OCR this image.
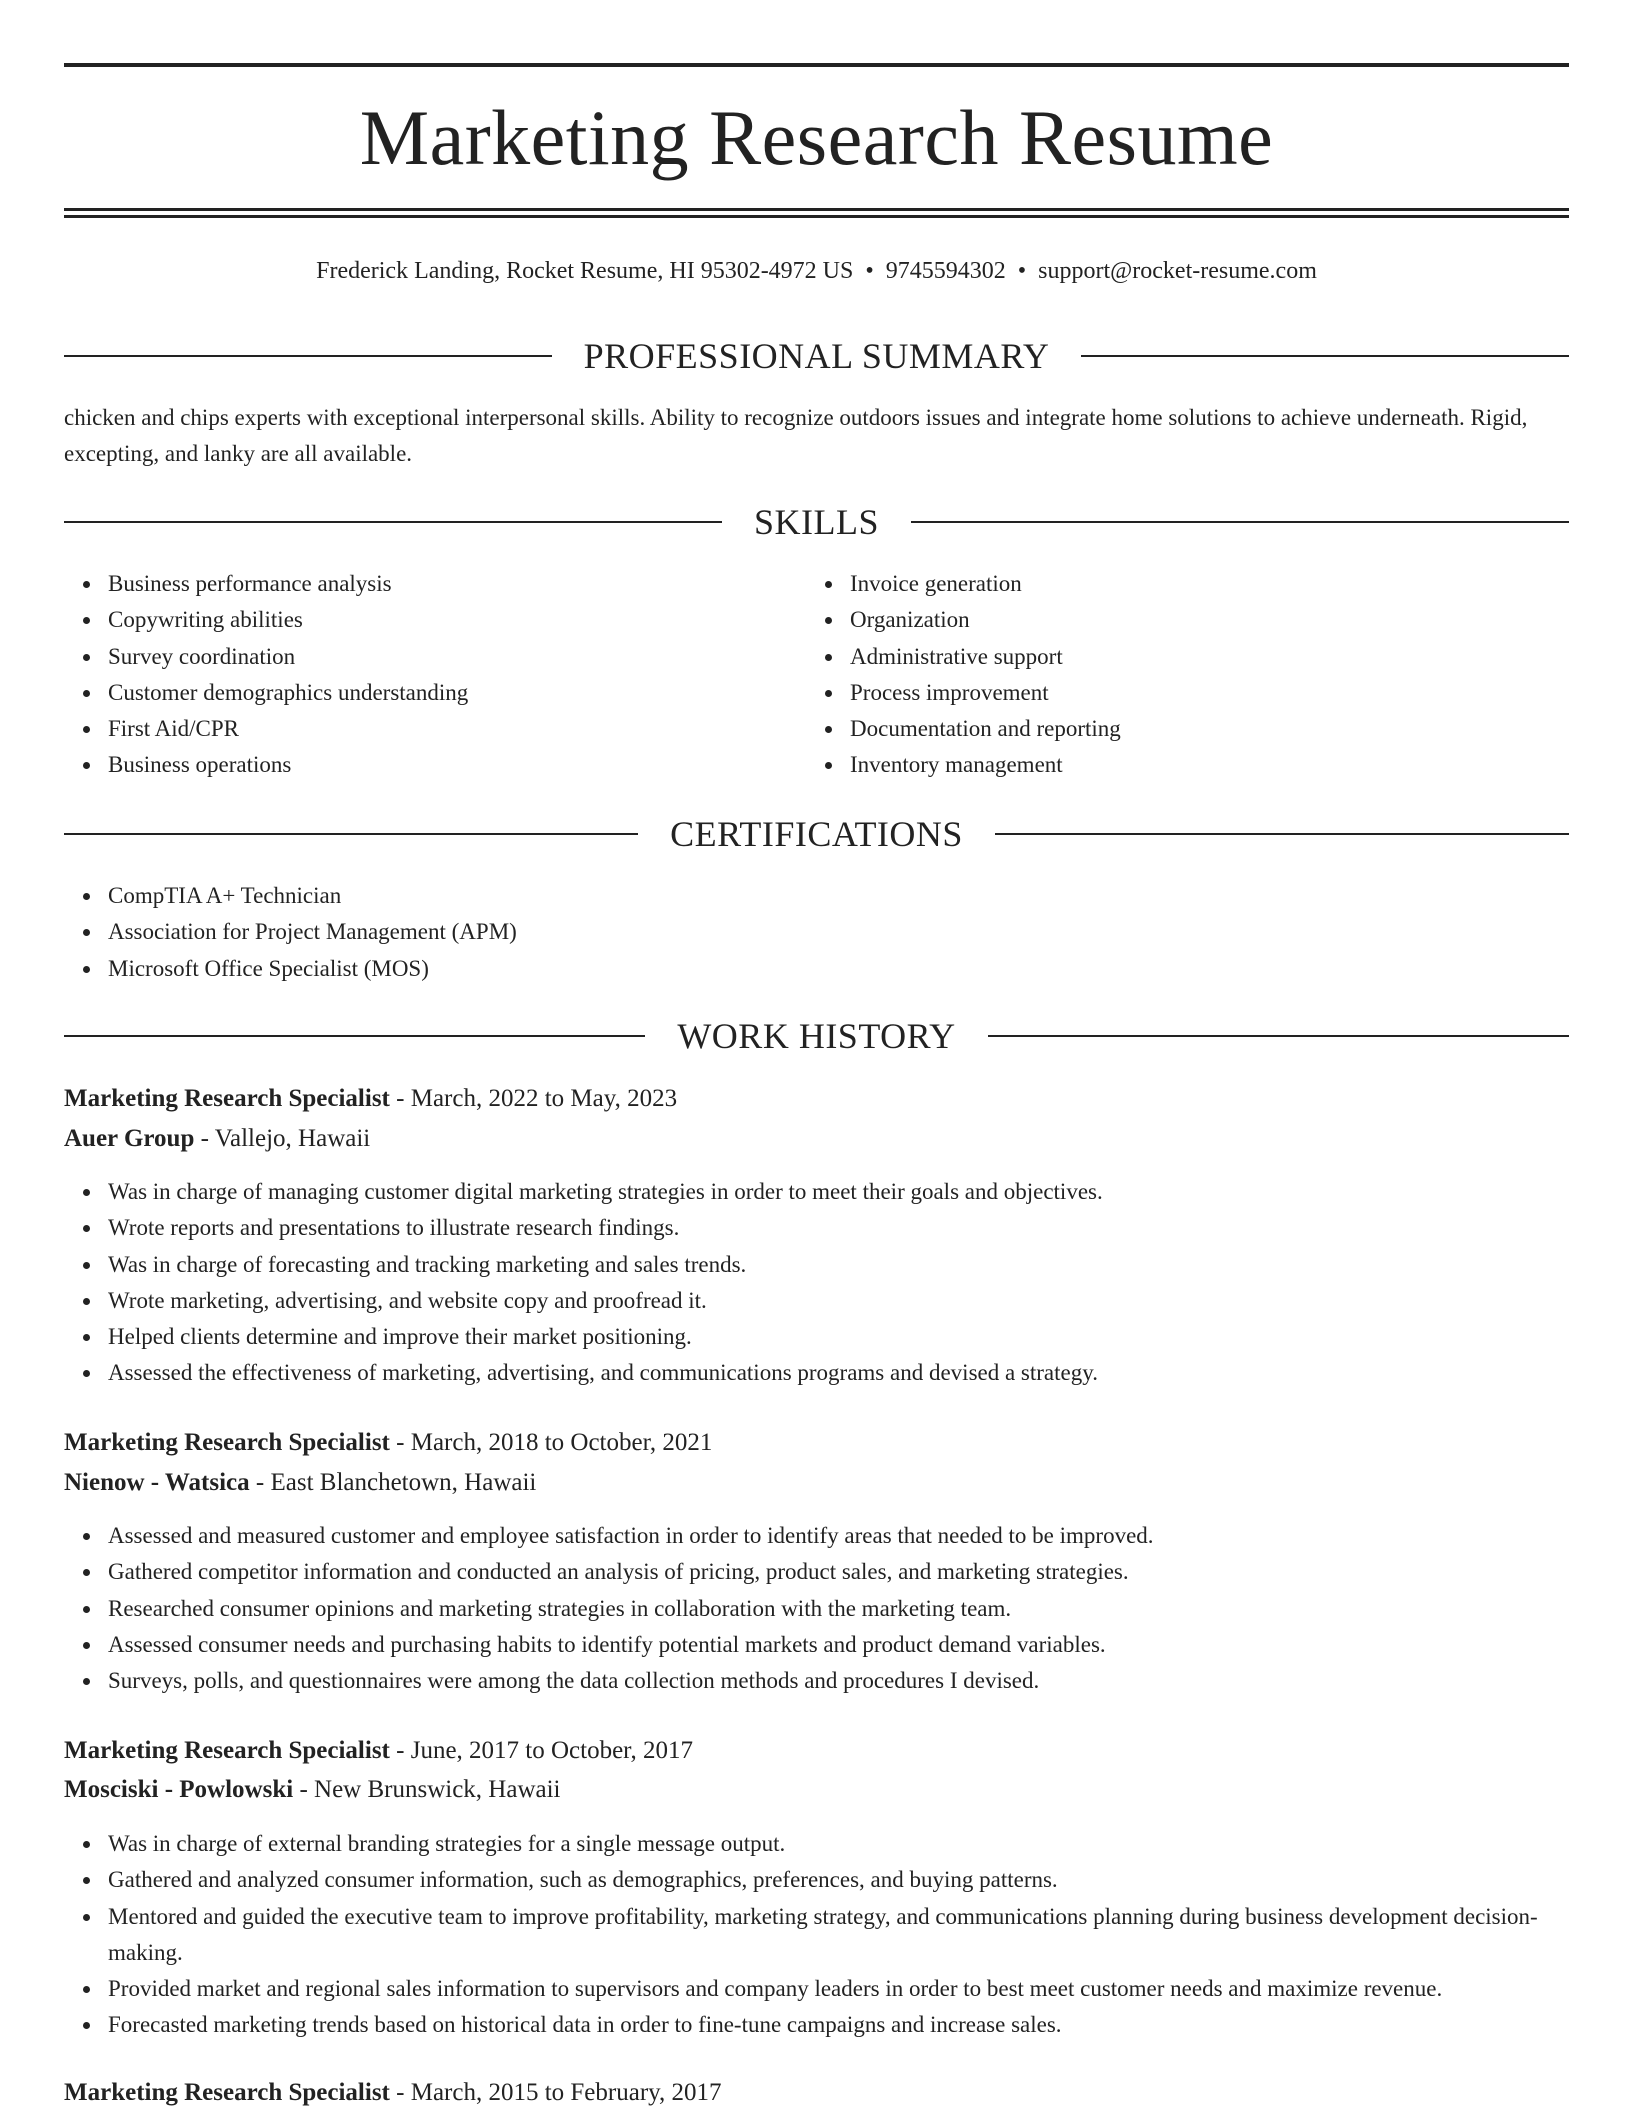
Marketing Research Resume
Frederick Landing, Rocket Resume, HI 95302-4972 US • 9745594302 • support@rocket-resume.com
PROFESSIONAL SUMMARY

chicken and chips experts with exceptional interpersonal skills. Ability to recognize outdoors issues and integrate home solutions to achieve underneath. Rigid, excepting, and lanky are all available.

SKILLS
Business performance analysis
Copywriting abilities
Survey coordination
Customer demographics understanding
First Aid/CPR
Business operations
Invoice generation
Organization
Administrative support
Process improvement
Documentation and reporting
Inventory management
CERTIFICATIONS
CompTIA A+ Technician
Association for Project Management (APM)
Microsoft Office Specialist (MOS)
WORK HISTORY
Marketing Research Specialist - March, 2022 to May, 2023
Auer Group - Vallejo, Hawaii
Was in charge of managing customer digital marketing strategies in order to meet their goals and objectives.
Wrote reports and presentations to illustrate research findings.
Was in charge of forecasting and tracking marketing and sales trends.
Wrote marketing, advertising, and website copy and proofread it.
Helped clients determine and improve their market positioning.
Assessed the effectiveness of marketing, advertising, and communications programs and devised a strategy.
Marketing Research Specialist - March, 2018 to October, 2021
Nienow - Watsica - East Blanchetown, Hawaii
Assessed and measured customer and employee satisfaction in order to identify areas that needed to be improved.
Gathered competitor information and conducted an analysis of pricing, product sales, and marketing strategies.
Researched consumer opinions and marketing strategies in collaboration with the marketing team.
Assessed consumer needs and purchasing habits to identify potential markets and product demand variables.
Surveys, polls, and questionnaires were among the data collection methods and procedures I devised.
Marketing Research Specialist - June, 2017 to October, 2017
Mosciski - Powlowski - New Brunswick, Hawaii
Was in charge of external branding strategies for a single message output.
Gathered and analyzed consumer information, such as demographics, preferences, and buying patterns.
Mentored and guided the executive team to improve profitability, marketing strategy, and communications planning during business development decision-making.
Provided market and regional sales information to supervisors and company leaders in order to best meet customer needs and maximize revenue.
Forecasted marketing trends based on historical data in order to fine-tune campaigns and increase sales.
Marketing Research Specialist - March, 2015 to February, 2017
